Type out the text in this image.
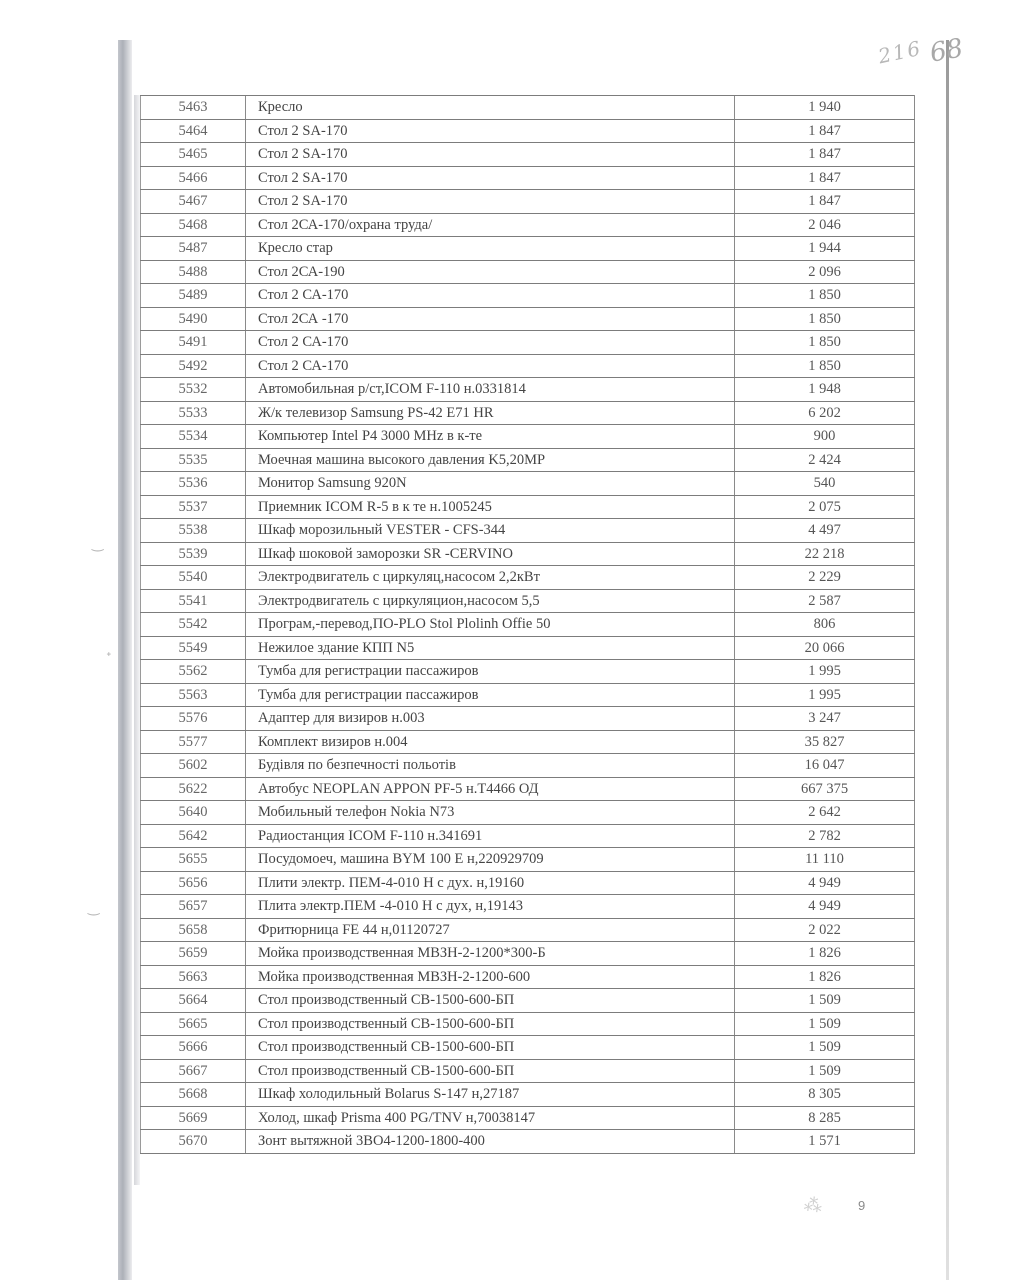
216 68
‿
ᐩ
‿
5463	Кресло	1 940
5464	Стол 2 SA-170	1 847
5465	Стол 2 SA-170	1 847
5466	Стол 2 SA-170	1 847
5467	Стол 2 SA-170	1 847
5468	Стол 2СА-170/охрана труда/	2 046
5487	Кресло стар	1 944
5488	Стол 2СА-190	2 096
5489	Стол 2 СА-170	1 850
5490	Стол 2СА -170	1 850
5491	Стол 2 СА-170	1 850
5492	Стол 2 СА-170	1 850
5532	Автомобильная р/ст,ICOM F-110 н.0331814	1 948
5533	Ж/к телевизор Samsung PS-42 E71 HR	6 202
5534	Компьютер Intel P4 3000 MHz в к-те	900
5535	Моечная машина высокого давления K5,20MP	2 424
5536	Монитор Samsung 920N	540
5537	Приемник ICOM R-5 в к те н.1005245	2 075
5538	Шкаф морозильный VESTER - CFS-344	4 497
5539	Шкаф шоковой заморозки SR -CERVINO	22 218
5540	Электродвигатель с циркуляц,насосом 2,2кВт	2 229
5541	Электродвигатель с циркуляцион,насосом 5,5	2 587
5542	Програм,-перевод,ПО-PLO Stol Plolinh Offie 50	806
5549	Нежилое здание КПП N5	20 066
5562	Тумба для регистрации пассажиров	1 995
5563	Тумба для регистрации пассажиров	1 995
5576	Адаптер для визиров н.003	3 247
5577	Комплект визиров н.004	35 827
5602	Будiвля по безпечностi польотiв	16 047
5622	Автобус NEOPLAN APPON PF-5 н.T4466 ОД	667 375
5640	Мобильный телефон Nokia N73	2 642
5642	Радиостанция ICOM F-110 н.341691	2 782
5655	Посудомоеч, машина BYM 100 E н,220929709	11 110
5656	Плити электр. ПЕМ-4-010 Н с дух. н,19160	4 949
5657	Плита электр.ПЕМ -4-010 Н с дух, н,19143	4 949
5658	Фритюрница FE 44 н,01120727	2 022
5659	Мойка производственная МВЗН-2-1200*300-Б	1 826
5663	Мойка производственная МВЗН-2-1200-600	1 826
5664	Стол производственный СВ-1500-600-БП	1 509
5665	Стол производственный СВ-1500-600-БП	1 509
5666	Стол производственный СВ-1500-600-БП	1 509
5667	Стол производственный СВ-1500-600-БП	1 509
5668	Шкаф холодильный Bolarus S-147 н,27187	8 305
5669	Холод, шкаф Prisma 400 PG/TNV н,70038147	8 285
5670	Зонт вытяжной 3ВО4-1200-1800-400	1 571
⁂	9
